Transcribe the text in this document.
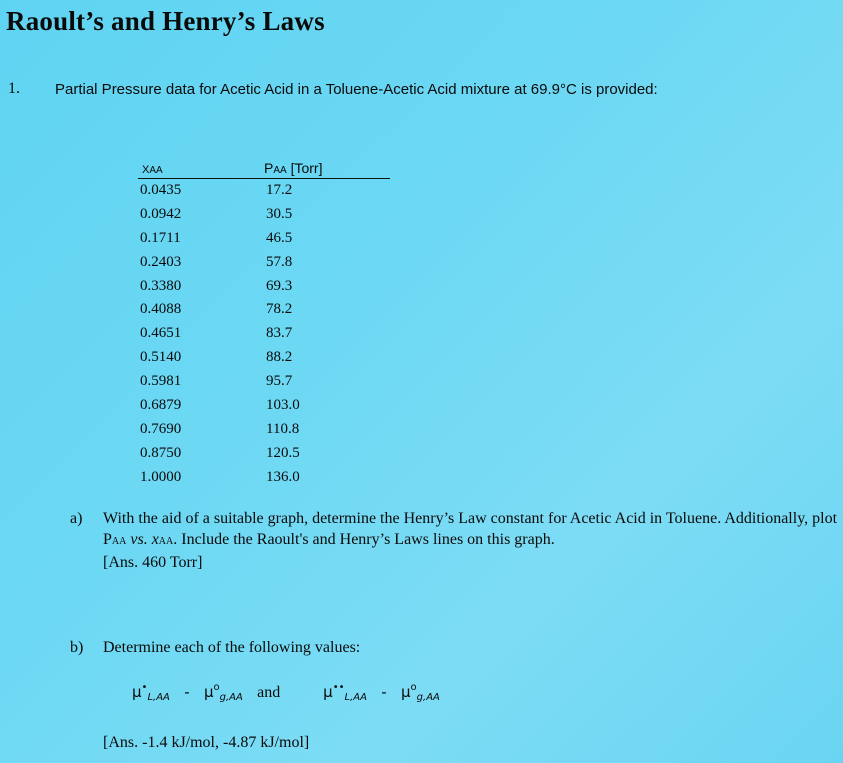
Raoult’s and Henry’s Laws
1. Partial Pressure data for Acetic Acid in a Toluene-Acetic Acid mixture at 69.9°C is provided:
XAA	PAA [Torr]
0.0435	17.2
0.0942	30.5
0.1711	46.5
0.2403	57.8
0.3380	69.3
0.4088	78.2
0.4651	83.7
0.5140	88.2
0.5981	95.7
0.6879	103.0
0.7690	110.8
0.8750	120.5
1.0000	136.0
a) With the aid of a suitable graph, determine the Henry’s Law constant for Acetic Acid in Toluene. Additionally, plot PAA vs. xAA. Include the Raoult's and Henry’s Laws lines on this graph.
[Ans. 460 Torr]
b) Determine each of the following values:
$\mu^•_{L,AA} - \mu^o_{g,AA}$ and	$\mu^{••}_{L,AA} - \mu^o_{g,AA}$
[Ans. -1.4 kJ/mol, -4.87 kJ/mol]
